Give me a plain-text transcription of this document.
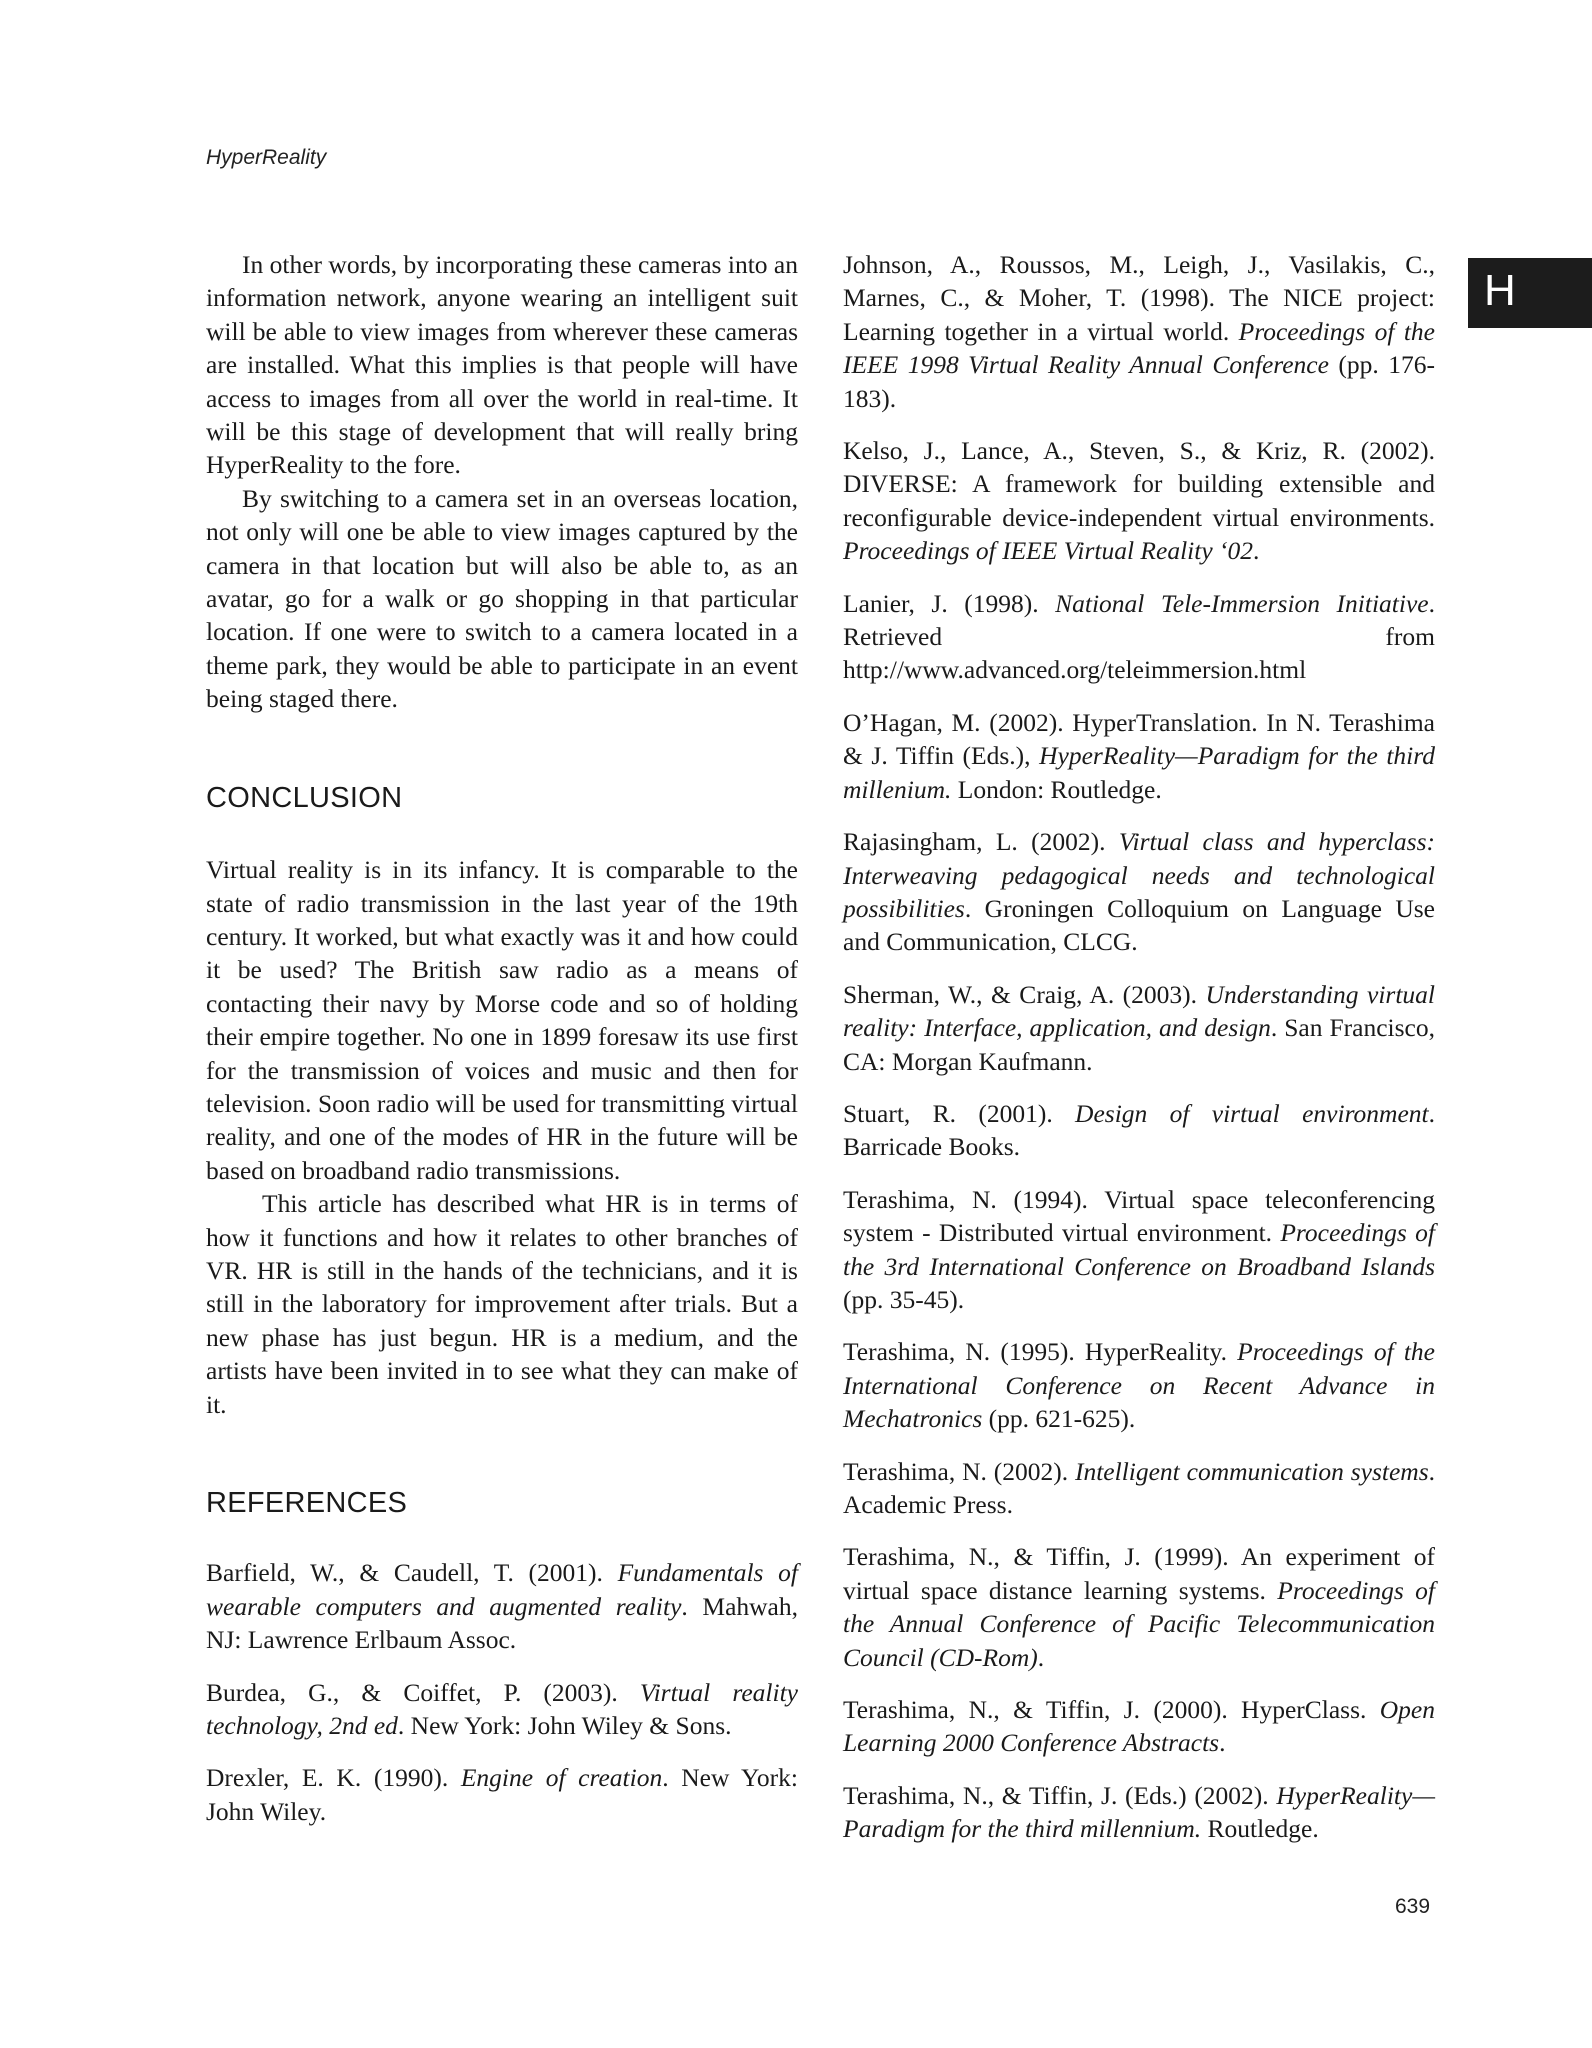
HyperReality
H

In other words, by incorporating these cameras into an information network, anyone wearing an intelligent suit will be able to view images from wherever these cameras are installed. What this implies is that people will have access to images from all over the world in real-time. It will be this stage of development that will really bring HyperReality to the fore.

By switching to a camera set in an overseas location, not only will one be able to view images captured by the camera in that location but will also be able to, as an avatar, go for a walk or go shopping in that particular location. If one were to switch to a camera located in a theme park, they would be able to participate in an event being staged there.

CONCLUSION

Virtual reality is in its infancy. It is comparable to the state of radio transmission in the last year of the 19th century. It worked, but what exactly was it and how could it be used? The British saw radio as a means of contacting their navy by Morse code and so of holding their empire together. No one in 1899 foresaw its use first for the transmission of voices and music and then for television. Soon radio will be used for transmitting virtual reality, and one of the modes of HR in the future will be based on broadband radio transmissions.

This article has described what HR is in terms of how it functions and how it relates to other branches of VR. HR is still in the hands of the technicians, and it is still in the laboratory for improvement after trials. But a new phase has just begun. HR is a medium, and the artists have been invited in to see what they can make of it.

REFERENCES

Barfield, W., & Caudell, T. (2001). Fundamentals of wearable computers and augmented reality. Mahwah, NJ: Lawrence Erlbaum Assoc.

Burdea, G., & Coiffet, P. (2003). Virtual reality technology, 2nd ed. New York: John Wiley & Sons.

Drexler, E. K. (1990). Engine of creation. New York: John Wiley.

Johnson, A., Roussos, M., Leigh, J., Vasilakis, C., Marnes, C., & Moher, T. (1998). The NICE project: Learning together in a virtual world. Proceedings of the IEEE 1998 Virtual Reality Annual Conference (pp. 176-183).

Kelso, J., Lance, A., Steven, S., & Kriz, R. (2002). DIVERSE: A framework for building extensible and reconfigurable device-independent virtual environments. Proceedings of IEEE Virtual Reality ‘02.

Lanier, J. (1998). National Tele-Immersion Initiative. Retrieved from http://www.advanced.org/teleimmersion.html

O’Hagan, M. (2002). HyperTranslation. In N. Terashima & J. Tiffin (Eds.), HyperReality—Paradigm for the third millenium. London: Routledge.

Rajasingham, L. (2002). Virtual class and hyperclass: Interweaving pedagogical needs and technological possibilities. Groningen Colloquium on Language Use and Communication, CLCG.

Sherman, W., & Craig, A. (2003). Understanding virtual reality: Interface, application, and design. San Francisco, CA: Morgan Kaufmann.

Stuart, R. (2001). Design of virtual environment. Barricade Books.

Terashima, N. (1994). Virtual space teleconferencing system - Distributed virtual environment. Proceedings of the 3rd International Conference on Broadband Islands (pp. 35-45).

Terashima, N. (1995). HyperReality. Proceedings of the International Conference on Recent Advance in Mechatronics (pp. 621-625).

Terashima, N. (2002). Intelligent communication systems. Academic Press.

Terashima, N., & Tiffin, J. (1999). An experiment of virtual space distance learning systems. Proceedings of the Annual Conference of Pacific Telecommunication Council (CD-Rom).

Terashima, N., & Tiffin, J. (2000). HyperClass. Open Learning 2000 Conference Abstracts.

Terashima, N., & Tiffin, J. (Eds.) (2002). HyperReality—Paradigm for the third millennium. Routledge.

639
